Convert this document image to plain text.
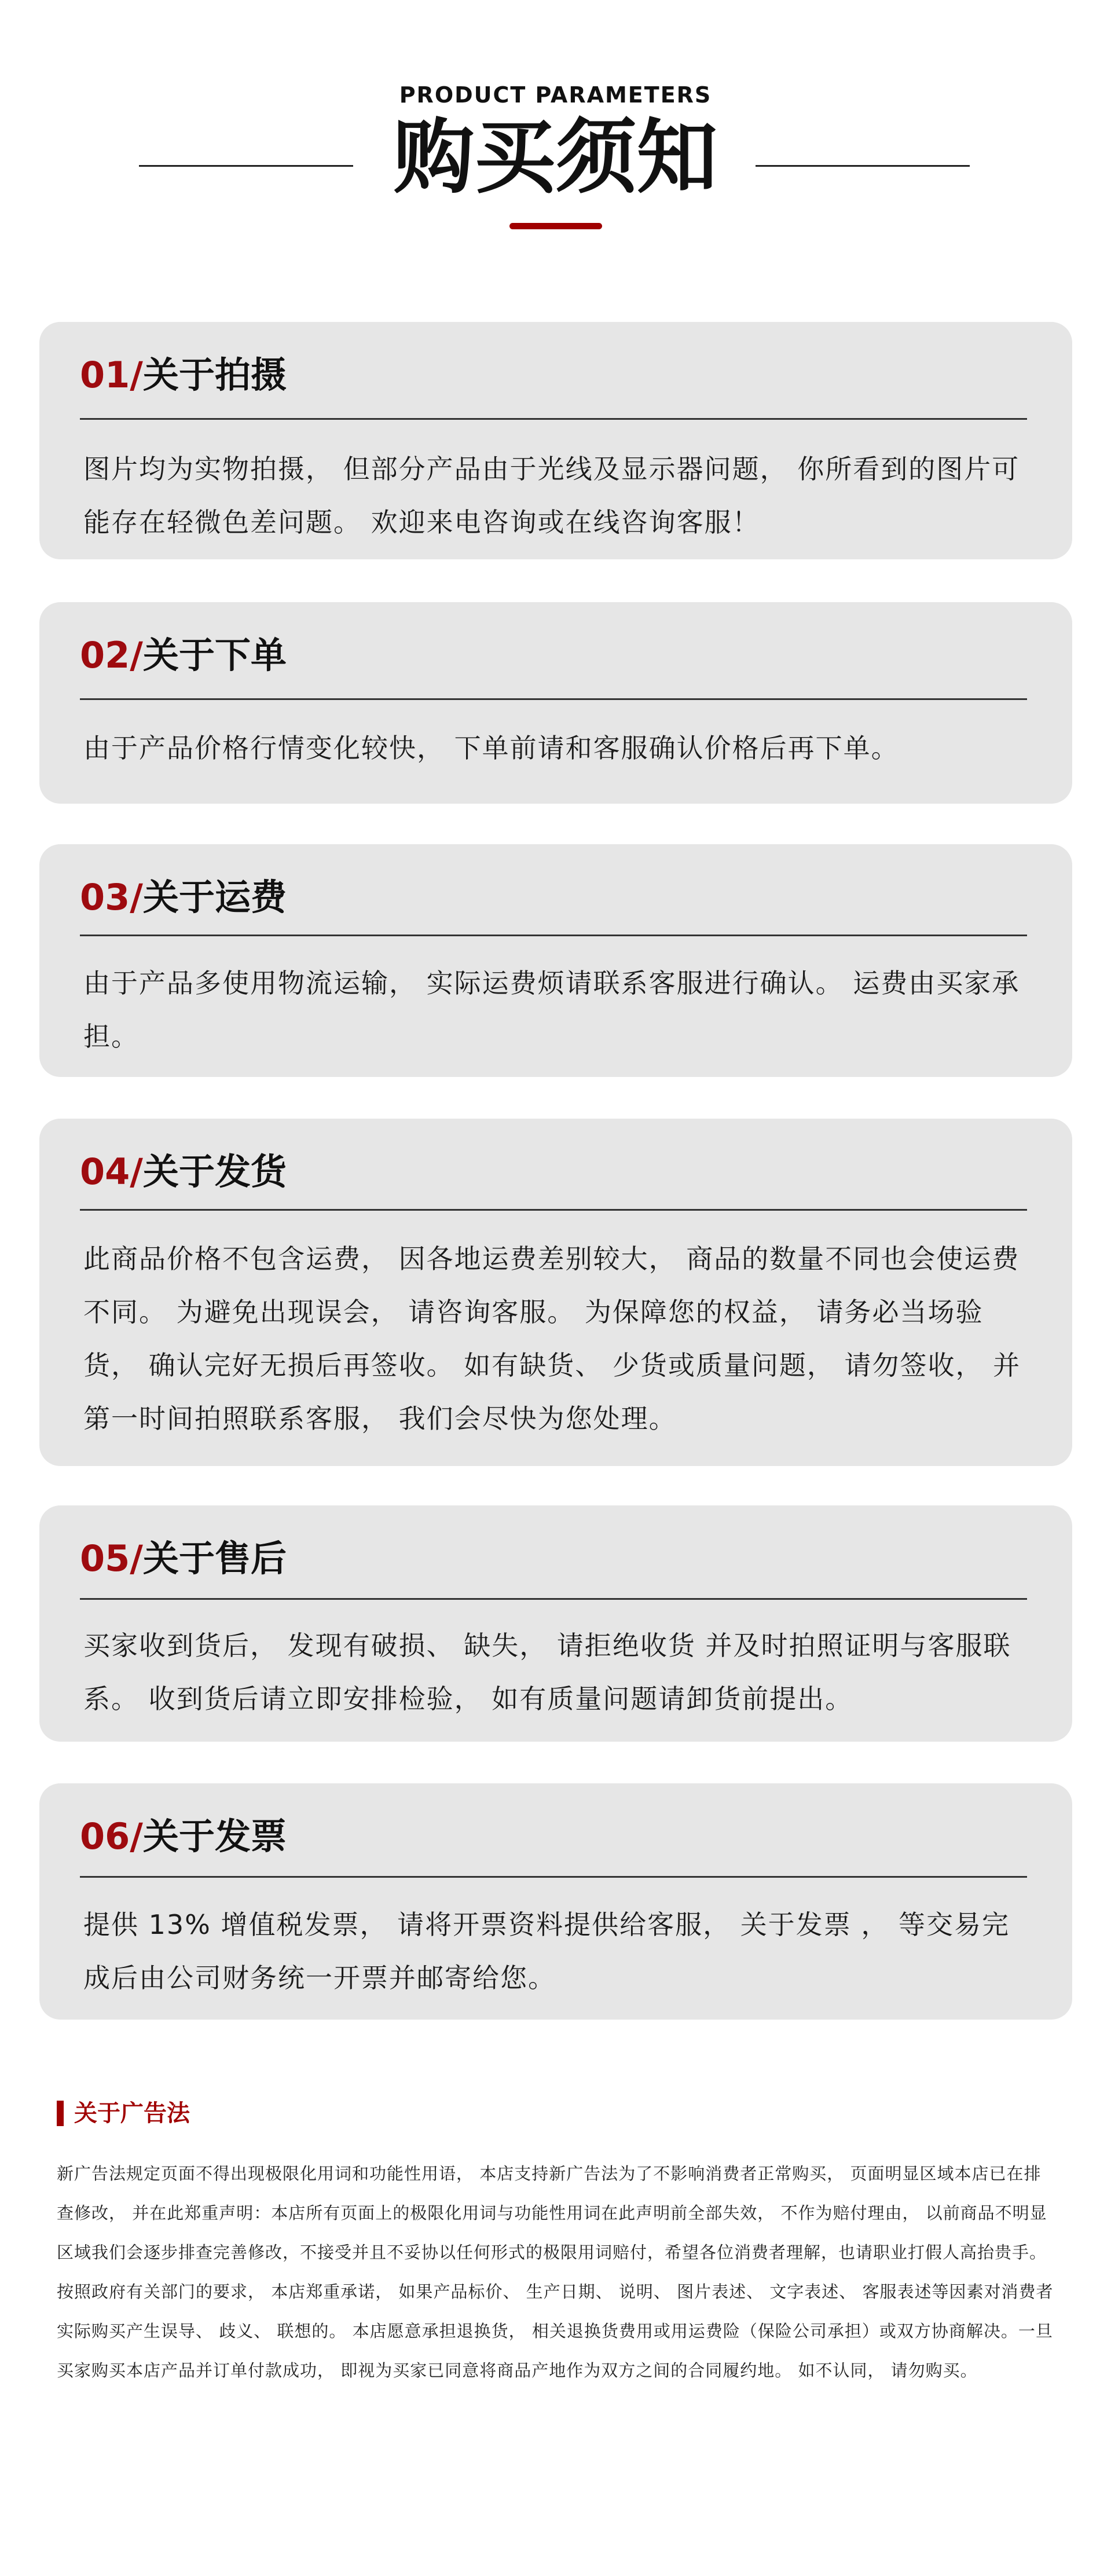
PRODUCT PARAMETERS
购买须知
01/关于拍摄
图片均为实物拍摄， 但部分产品由于光线及显示器问题， 你所看到的图片可能存在轻微色差问题。 欢迎来电咨询或在线咨询客服！
02/关于下单
由于产品价格行情变化较快， 下单前请和客服确认价格后再下单。
03/关于运费
由于产品多使用物流运输， 实际运费烦请联系客服进行确认。 运费由买家承担。
04/关于发货
此商品价格不包含运费， 因各地运费差别较大， 商品的数量不同也会使运费不同。 为避免出现误会， 请咨询客服。 为保障您的权益， 请务必当场验货， 确认完好无损后再签收。 如有缺货、 少货或质量问题， 请勿签收， 并第一时间拍照联系客服， 我们会尽快为您处理。
05/关于售后
买家收到货后， 发现有破损、 缺失， 请拒绝收货 并及时拍照证明与客服联系。 收到货后请立即安排检验， 如有质量问题请卸货前提出。
06/关于发票
提供 13% 增值税发票， 请将开票资料提供给客服， 关于发票 ， 等交易完成后由公司财务统一开票并邮寄给您。
关于广告法
新广告法规定页面不得出现极限化用词和功能性用语， 本店支持新广告法为了不影响消费者正常购买， 页面明显区域本店已在排查修改， 并在此郑重声明：本店所有页面上的极限化用词与功能性用词在此声明前全部失效， 不作为赔付理由， 以前商品不明显区域我们会逐步排查完善修改，不接受并且不妥协以任何形式的极限用词赔付，希望各位消费者理解，也请职业打假人高抬贵手。按照政府有关部门的要求， 本店郑重承诺， 如果产品标价、 生产日期、 说明、 图片表述、 文字表述、 客服表述等因素对消费者实际购买产生误导、 歧义、 联想的。 本店愿意承担退换货， 相关退换货费用或用运费险（保险公司承担）或双方协商解决。一旦买家购买本店产品并订单付款成功， 即视为买家已同意将商品产地作为双方之间的合同履约地。 如不认同， 请勿购买。
